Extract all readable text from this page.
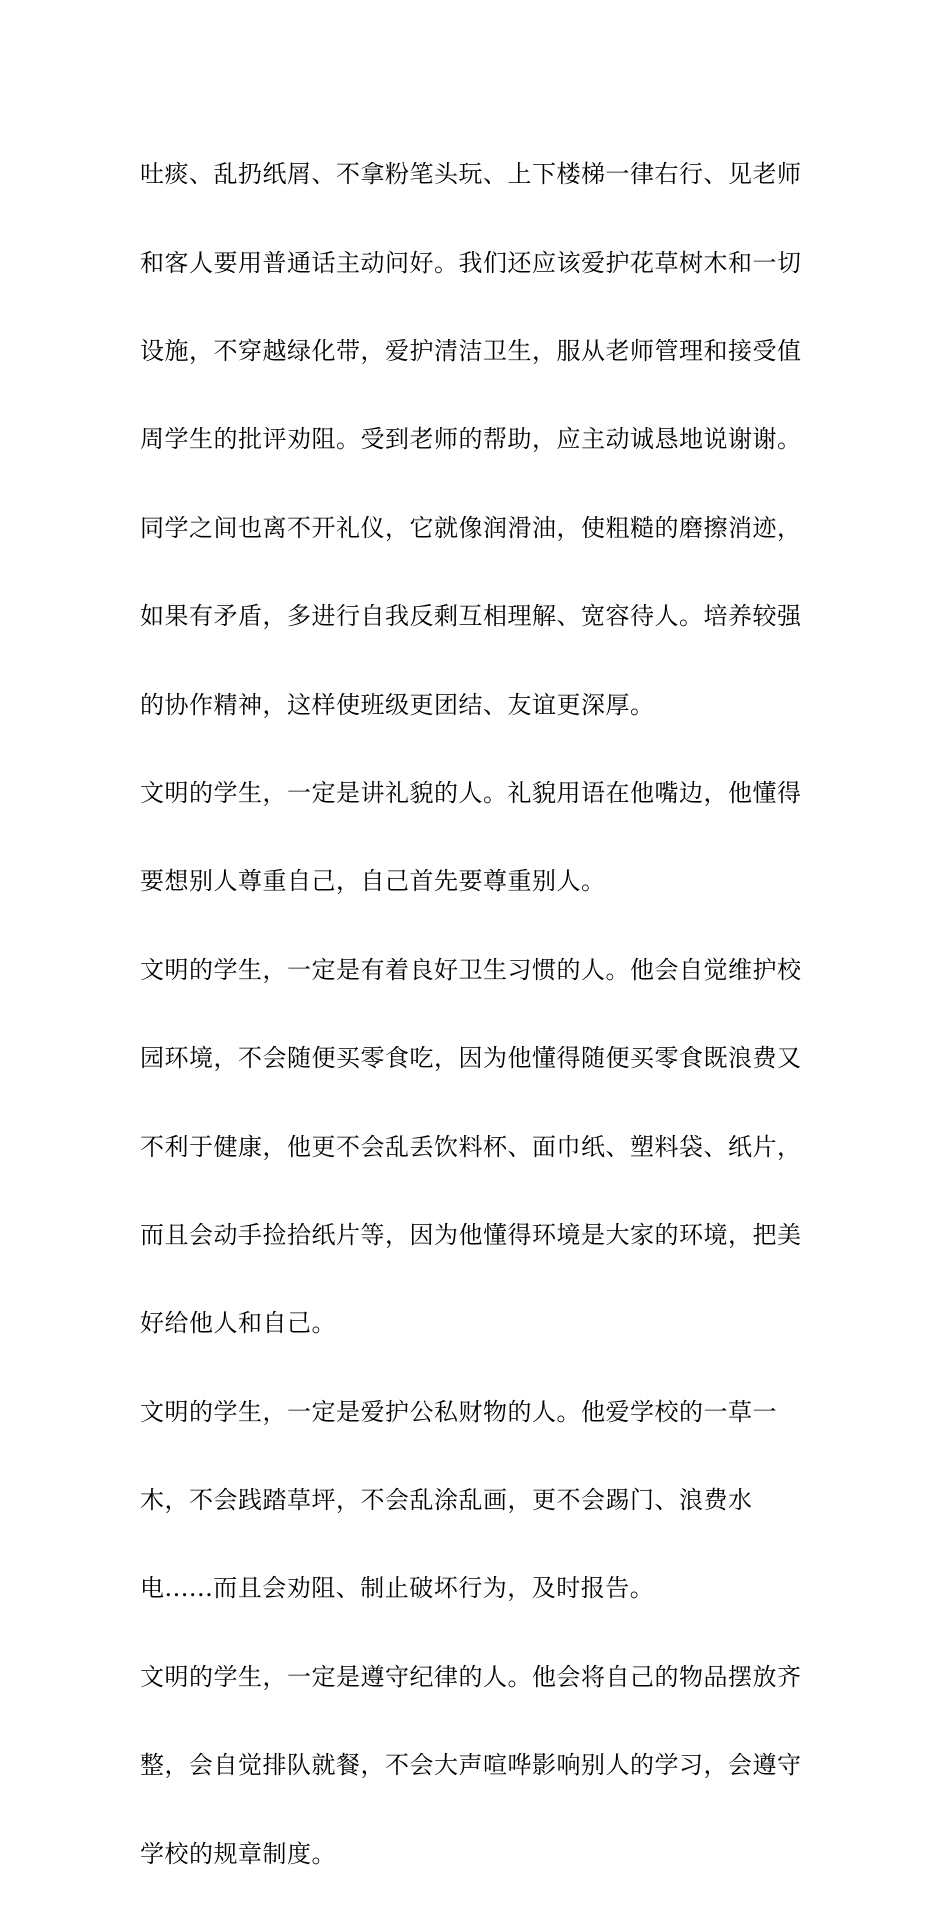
吐痰、乱扔纸屑、不拿粉笔头玩、上下楼梯一律右行、见老师

和客人要用普通话主动问好。我们还应该爱护花草树木和一切

设施，不穿越绿化带，爱护清洁卫生，服从老师管理和接受值

周学生的批评劝阻。受到老师的帮助，应主动诚恳地说谢谢。

同学之间也离不开礼仪，它就像润滑油，使粗糙的磨擦消迹，

如果有矛盾，多进行自我反剩互相理解、宽容待人。培养较强

的协作精神，这样使班级更团结、友谊更深厚。

文明的学生，一定是讲礼貌的人。礼貌用语在他嘴边，他懂得

要想别人尊重自己，自己首先要尊重别人。

文明的学生，一定是有着良好卫生习惯的人。他会自觉维护校

园环境，不会随便买零食吃，因为他懂得随便买零食既浪费又

不利于健康，他更不会乱丢饮料杯、面巾纸、塑料袋、纸片，

而且会动手捡拾纸片等，因为他懂得环境是大家的环境，把美

好给他人和自己。

文明的学生，一定是爱护公私财物的人。他爱学校的一草一

木，不会践踏草坪，不会乱涂乱画，更不会踢门、浪费水

电......而且会劝阻、制止破坏行为，及时报告。

文明的学生，一定是遵守纪律的人。他会将自己的物品摆放齐

整，会自觉排队就餐，不会大声喧哗影响别人的学习，会遵守

学校的规章制度。
